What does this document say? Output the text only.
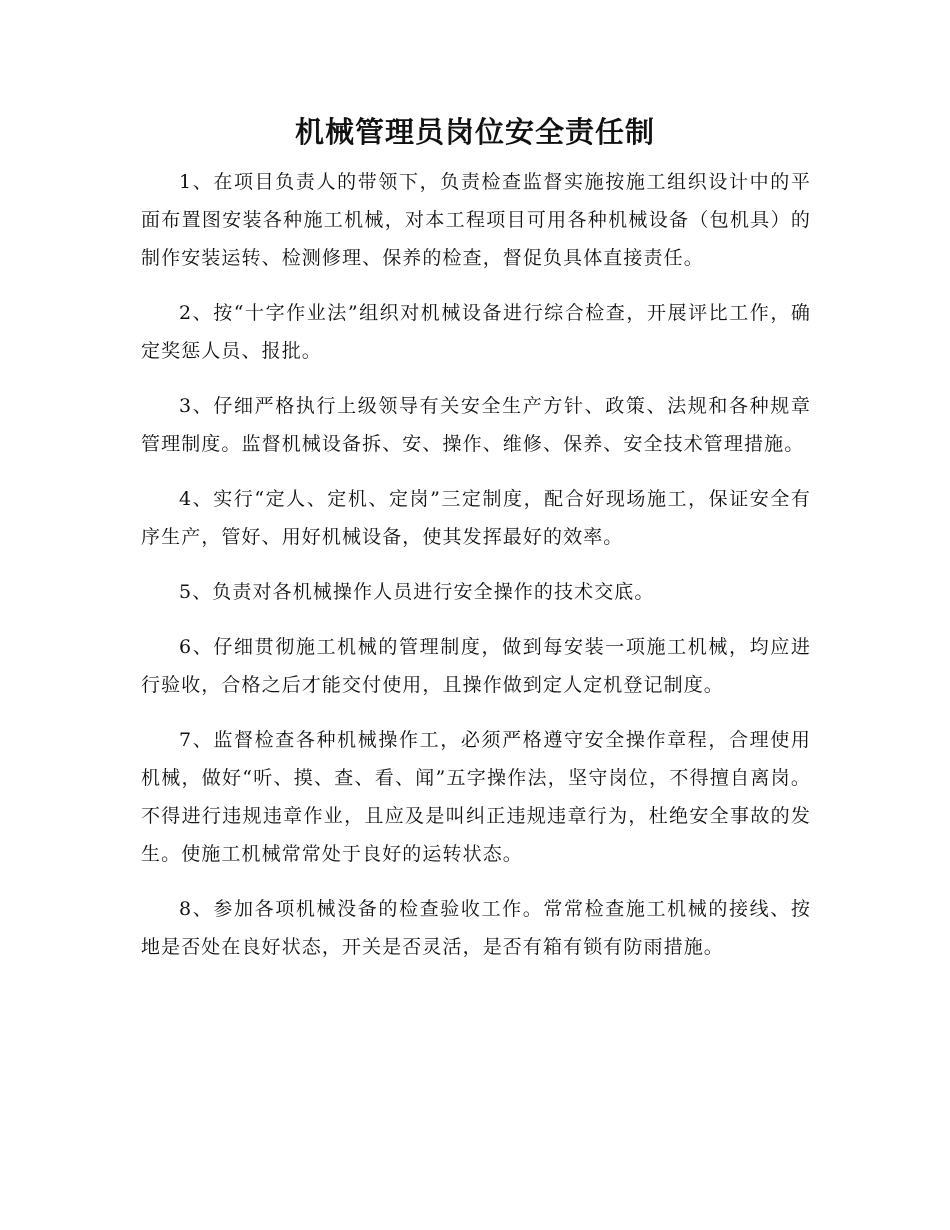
机械管理员岗位安全责任制

1、在项目负责人的带领下，负责检查监督实施按施工组织设计中的平面布置图安装各种施工机械，对本工程项目可用各种机械设备（包机具）的制作安装运转、检测修理、保养的检查，督促负具体直接责任。

2、按“十字作业法”组织对机械设备进行综合检查，开展评比工作，确定奖惩人员、报批。

3、仔细严格执行上级领导有关安全生产方针、政策、法规和各种规章管理制度。监督机械设备拆、安、操作、维修、保养、安全技术管理措施。

4、实行“定人、定机、定岗”三定制度，配合好现场施工，保证安全有序生产，管好、用好机械设备，使其发挥最好的效率。

5、负责对各机械操作人员进行安全操作的技术交底。

6、仔细贯彻施工机械的管理制度，做到每安装一项施工机械，均应进行验收，合格之后才能交付使用，且操作做到定人定机登记制度。

7、监督检查各种机械操作工，必须严格遵守安全操作章程，合理使用机械，做好“听、摸、查、看、闻”五字操作法，坚守岗位，不得擅自离岗。不得进行违规违章作业，且应及是叫纠正违规违章行为，杜绝安全事故的发生。使施工机械常常处于良好的运转状态。

8、参加各项机械没备的检查验收工作。常常检查施工机械的接线、按地是否处在良好状态，开关是否灵活，是否有箱有锁有防雨措施。
